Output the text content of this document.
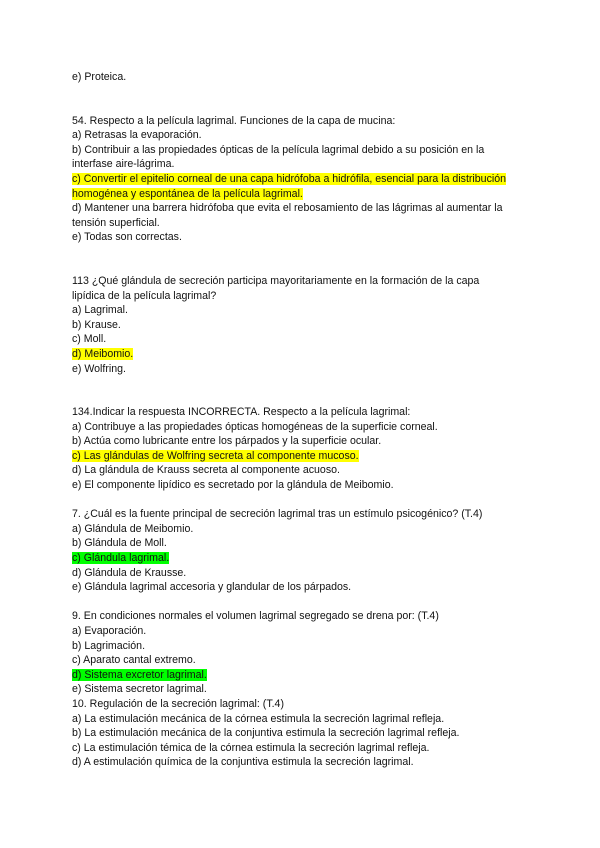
e) Proteica.
54. Respecto a la película lagrimal. Funciones de la capa de mucina:
a) Retrasas la evaporación.
b) Contribuir a las propiedades ópticas de la película lagrimal debido a su posición en la
interfase aire-lágrima.
c) Convertir el epitelio corneal de una capa hidrófoba a hidrófila, esencial para la distribución
homogénea y espontánea de la película lagrimal.
d) Mantener una barrera hidrófoba que evita el rebosamiento de las lágrimas al aumentar la
tensión superficial.
e) Todas son correctas.
113 ¿Qué glándula de secreción participa mayoritariamente en la formación de la capa
lipídica de la película lagrimal?
a) Lagrimal.
b) Krause.
c) Moll.
d) Meibomio.
e) Wolfring.
134.Indicar la respuesta INCORRECTA. Respecto a la película lagrimal:
a) Contribuye a las propiedades ópticas homogéneas de la superficie corneal.
b) Actúa como lubricante entre los párpados y la superficie ocular.
c) Las glándulas de Wolfring secreta al componente mucoso.
d) La glándula de Krauss secreta al componente acuoso.
e) El componente lipídico es secretado por la glándula de Meibomio.
7. ¿Cuál es la fuente principal de secreción lagrimal tras un estímulo psicogénico? (T.4)
a) Glándula de Meibomio.
b) Glándula de Moll.
c) Glándula lagrimal.
d) Glándula de Krausse.
e) Glándula lagrimal accesoria y glandular de los párpados.
9. En condiciones normales el volumen lagrimal segregado se drena por: (T.4)
a) Evaporación.
b) Lagrimación.
c) Aparato cantal extremo.
d) Sistema excretor lagrimal.
e) Sistema secretor lagrimal.
10. Regulación de la secreción lagrimal: (T.4)
a) La estimulación mecánica de la córnea estimula la secreción lagrimal refleja.
b) La estimulación mecánica de la conjuntiva estimula la secreción lagrimal refleja.
c) La estimulación témica de la córnea estimula la secreción lagrimal refleja.
d) A estimulación química de la conjuntiva estimula la secreción lagrimal.
